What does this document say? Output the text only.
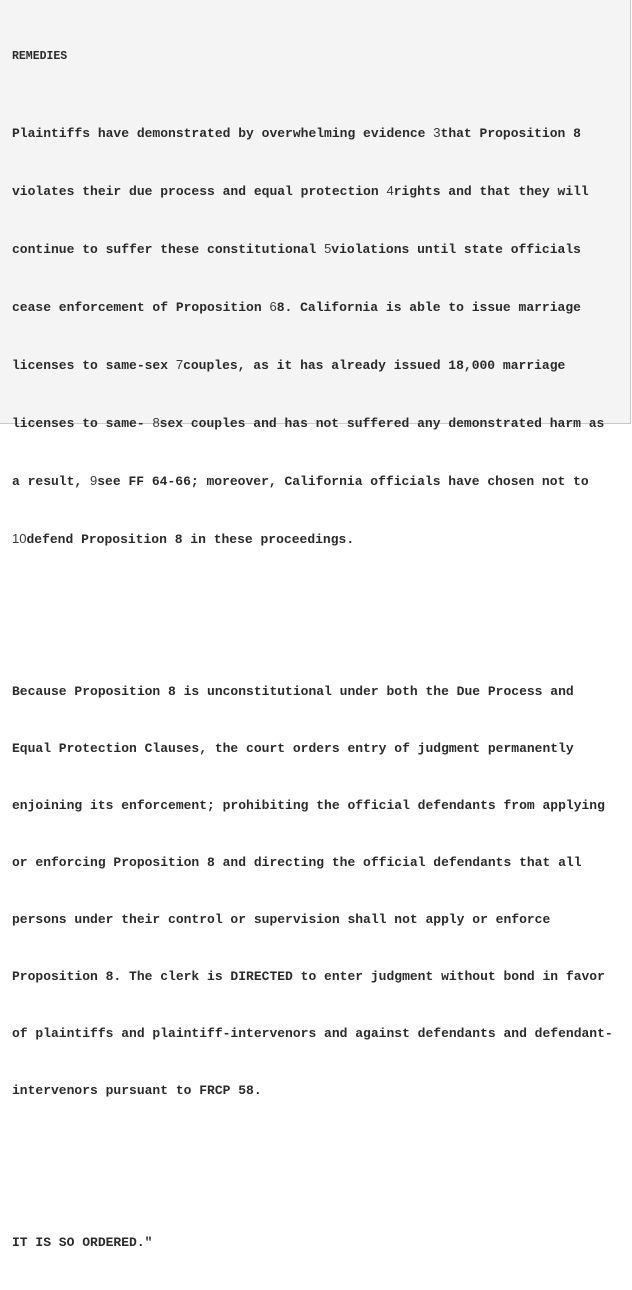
REMEDIES

Plaintiffs have demonstrated by overwhelming evidence 3that Proposition 8

violates their due process and equal protection 4rights and that they will

continue to suffer these constitutional 5violations until state officials

cease enforcement of Proposition 68. California is able to issue marriage

licenses to same-sex 7couples, as it has already issued 18,000 marriage

licenses to same- 8sex couples and has not suffered any demonstrated harm as

a result, 9see FF 64-66; moreover, California officials have chosen not to

10defend Proposition 8 in these proceedings.

Because Proposition 8 is unconstitutional under both the Due Process and

Equal Protection Clauses, the court orders entry of judgment permanently

enjoining its enforcement; prohibiting the official defendants from applying

or enforcing Proposition 8 and directing the official defendants that all

persons under their control or supervision shall not apply or enforce

Proposition 8. The clerk is DIRECTED to enter judgment without bond in favor

of plaintiffs and plaintiff-intervenors and against defendants and defendant-

intervenors pursuant to FRCP 58.

IT IS SO ORDERED."
